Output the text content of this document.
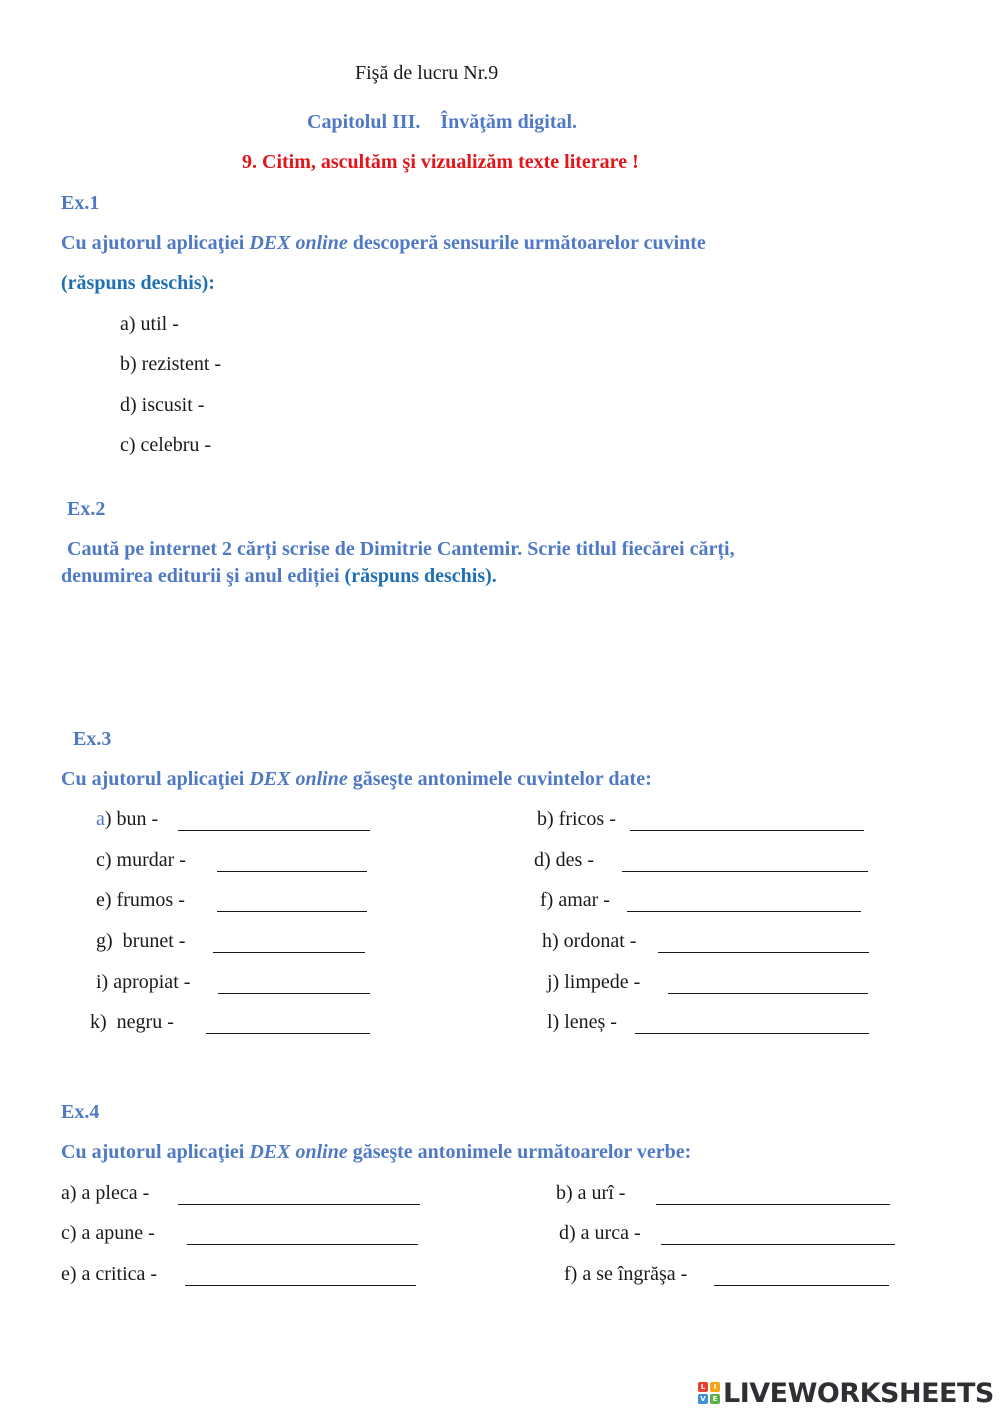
Fişă de lucru Nr.9
Capitolul III.    Învăţăm digital.
9. Citim, ascultăm şi vizualizăm texte literare !
Ex.1
Cu ajutorul aplicaţiei DEX online descoperă sensurile următoarelor cuvinte
(răspuns deschis):
a) util -
b) rezistent -
d) iscusit -
c) celebru -
Ex.2
Caută pe internet 2 cărți scrise de Dimitrie Cantemir. Scrie titlul fiecărei cărți,
denumirea editurii şi anul ediției (răspuns deschis).
Ex.3
Cu ajutorul aplicaţiei DEX online găseşte antonimele cuvintelor date:
a) bun -
c) murdar -
e) frumos -
g)  brunet -
i) apropiat -
k)  negru -
b) fricos -
d) des -
f) amar -
h) ordonat -
j) limpede -
l) leneș -
Ex.4
Cu ajutorul aplicaţiei DEX online găseşte antonimele următoarelor verbe:
a) a pleca -
c) a apune -
e) a critica -
b) a urî -
d) a urca -
f) a se îngrăşa -
L	I
V E LIVEWORKSHEETS
